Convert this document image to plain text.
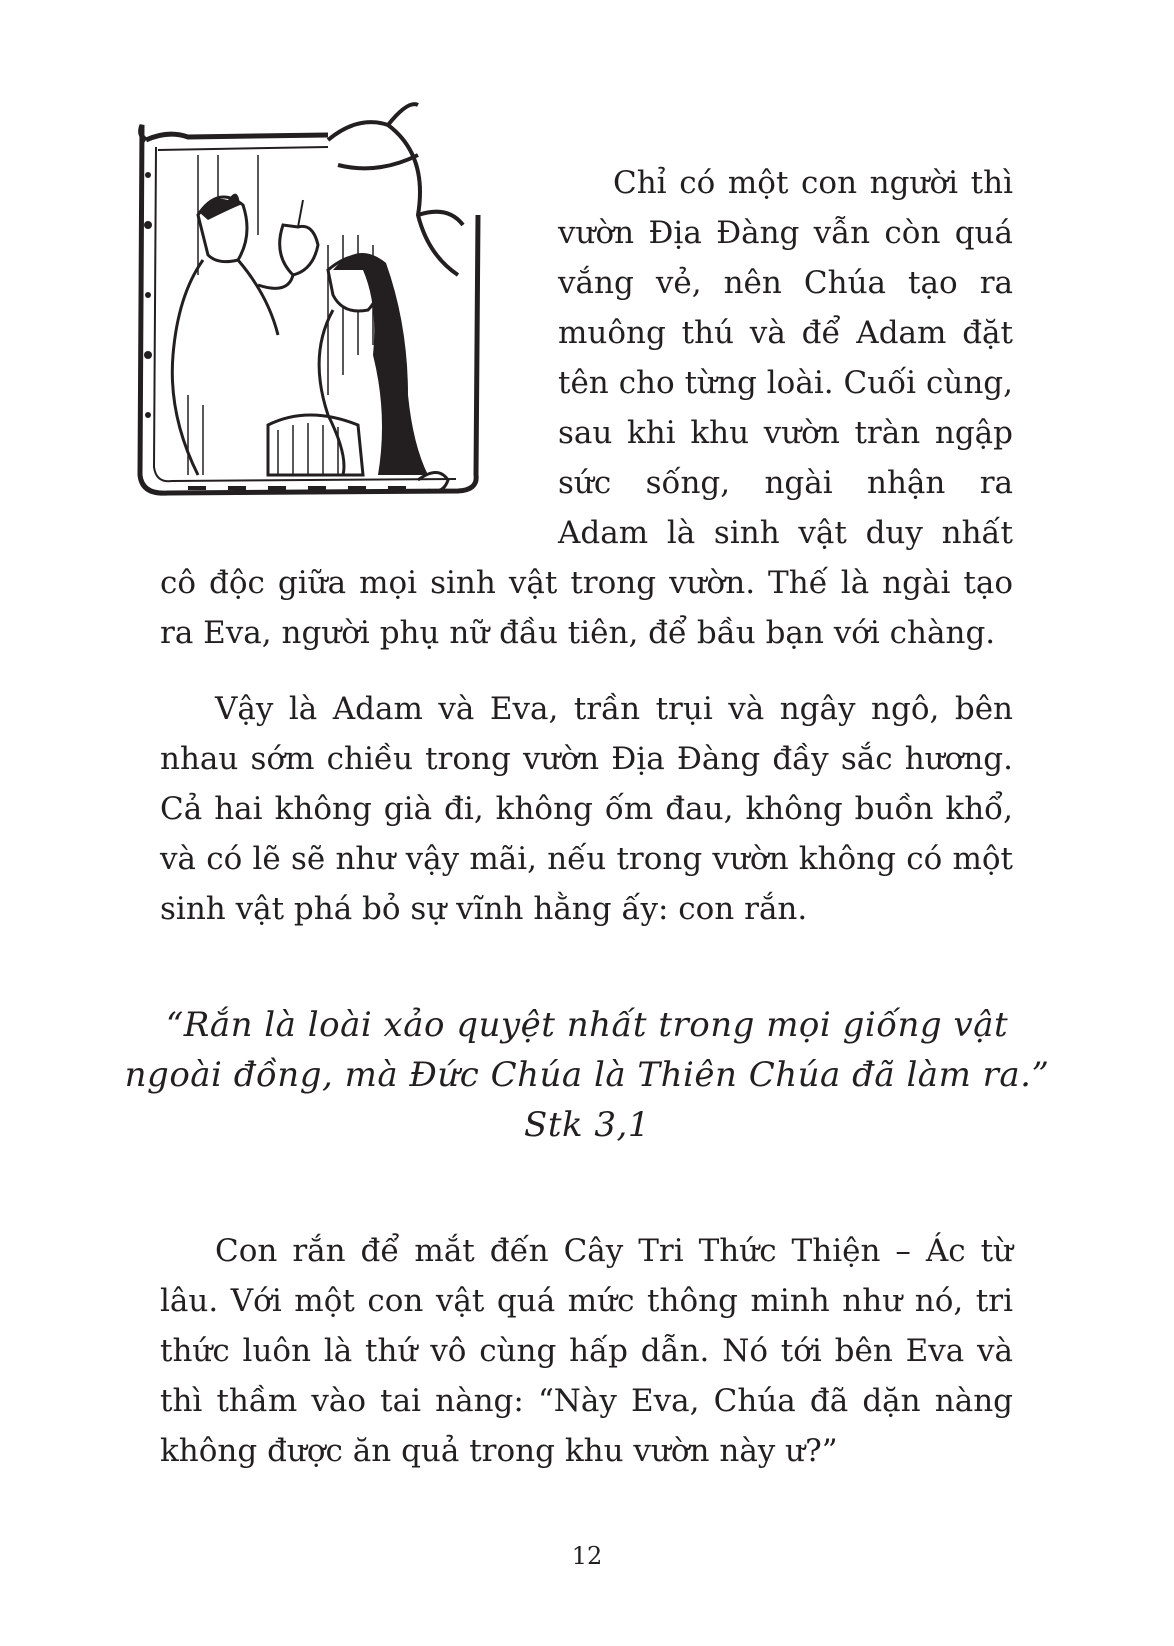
Chỉ có một con người thì vườn Địa Đàng vẫn còn quá vắng vẻ, nên Chúa tạo ra muông thú và để Adam đặt tên cho từng loài. Cuối cùng, sau khi khu vườn tràn ngập sức sống, ngài nhận ra Adam là sinh vật duy nhất cô độc giữa mọi sinh vật trong vườn. Thế là ngài tạo ra Eva, người phụ nữ đầu tiên, để bầu bạn với chàng.

Vậy là Adam và Eva, trần trụi và ngây ngô, bên nhau sớm chiều trong vườn Địa Đàng đầy sắc hương. Cả hai không già đi, không ốm đau, không buồn khổ, và có lẽ sẽ như vậy mãi, nếu trong vườn không có một sinh vật phá bỏ sự vĩnh hằng ấy: con rắn.

“Rắn là loài xảo quyệt nhất trong mọi giống vật
ngoài đồng, mà Đức Chúa là Thiên Chúa đã làm ra.”
Stk 3,1

Con rắn để mắt đến Cây Tri Thức Thiện – Ác từ lâu. Với một con vật quá mức thông minh như nó, tri thức luôn là thứ vô cùng hấp dẫn. Nó tới bên Eva và thì thầm vào tai nàng: “Này Eva, Chúa đã dặn nàng không được ăn quả trong khu vườn này ư?”

12
